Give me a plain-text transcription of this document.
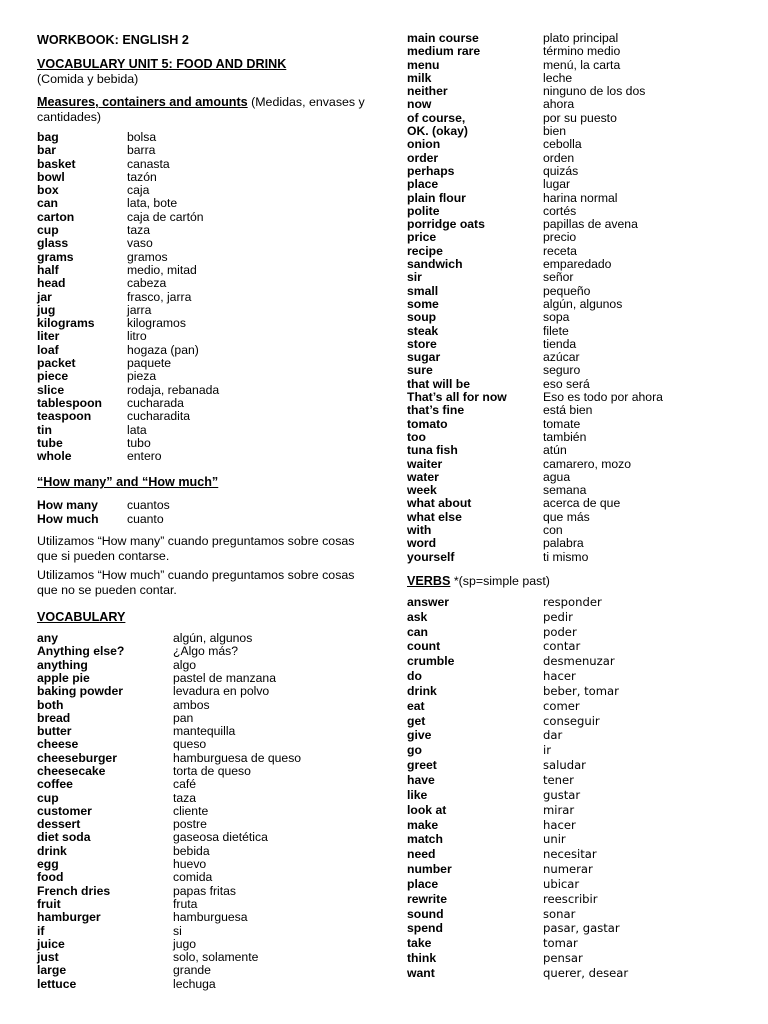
WORKBOOK: ENGLISH 2

VOCABULARY UNIT 5: FOOD AND DRINK

(Comida y bebida)
Measures, containers and amounts (Medidas, envases y cantidades)
bag	bolsa
bar	barra
basket	canasta
bowl	tazón
box	caja
can	lata, bote
carton	caja de cartón
cup	taza
glass	vaso
grams	gramos
half	medio, mitad
head	cabeza
jar	frasco, jarra
jug	jarra
kilograms	kilogramos
liter	litro
loaf	hogaza (pan)
packet	paquete
piece	pieza
slice	rodaja, rebanada
tablespoon	cucharada
teaspoon	cucharadita
tin	lata
tube	tubo
whole	entero
“How many” and “How much”
How many	cuantos
How much	cuanto

Utilizamos “How many” cuando preguntamos sobre cosas que si pueden contarse.

Utilizamos “How much” cuando preguntamos sobre cosas que no se pueden contar.

VOCABULARY
any	algún, algunos
Anything else?	¿Algo más?
anything	algo
apple pie	pastel de manzana
baking powder	levadura en polvo
both	ambos
bread	pan
butter	mantequilla
cheese	queso
cheeseburger	hamburguesa de queso
cheesecake	torta de queso
coffee	café
cup	taza
customer	cliente
dessert	postre
diet soda	gaseosa dietética
drink	bebida
egg	huevo
food	comida
French dries	papas fritas
fruit	fruta
hamburger	hamburguesa
if	si
juice	jugo
just	solo, solamente
large	grande
lettuce	lechuga
main course	plato principal
medium rare	término medio
menu	menú, la carta
milk	leche
neither	ninguno de los dos
now	ahora
of course,	por su puesto
OK. (okay)	bien
onion	cebolla
order	orden
perhaps	quizás
place	lugar
plain flour	harina normal
polite	cortés
porridge oats	papillas de avena
price	precio
recipe	receta
sandwich	emparedado
sir	señor
small	pequeño
some	algún, algunos
soup	sopa
steak	filete
store	tienda
sugar	azúcar
sure	seguro
that will be	eso será
That’s all for now	Eso es todo por ahora
that’s fine	está bien
tomato	tomate
too	también
tuna fish	atún
waiter	camarero, mozo
water	agua
week	semana
what about	acerca de que
what else	que más
with	con
word	palabra
yourself	ti mismo
VERBS *(sp=simple past)
answer	responder
ask	pedir
can	poder
count	contar
crumble	desmenuzar
do	hacer
drink	beber, tomar
eat	comer
get	conseguir
give	dar
go	ir
greet	saludar
have	tener
like	gustar
look at	mirar
make	hacer
match	unir
need	necesitar
number	numerar
place	ubicar
rewrite	reescribir
sound	sonar
spend	pasar, gastar
take	tomar
think	pensar
want	querer, desear
